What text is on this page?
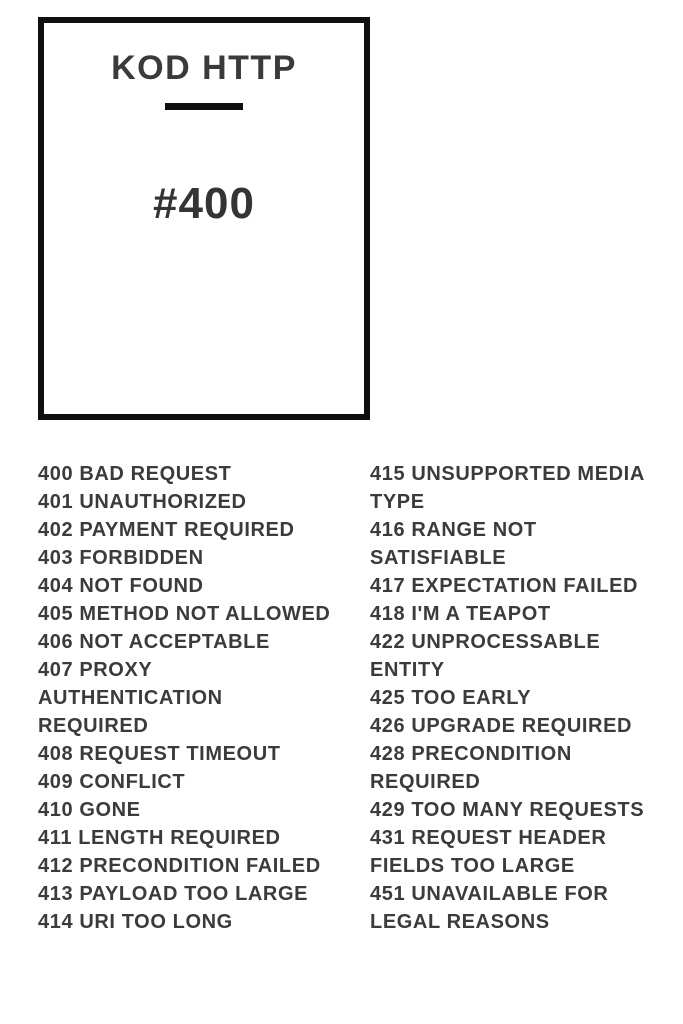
KOD HTTP
#400
400 BAD REQUEST
401 UNAUTHORIZED
402 PAYMENT REQUIRED
403 FORBIDDEN
404 NOT FOUND
405 METHOD NOT ALLOWED
406 NOT ACCEPTABLE
407 PROXY AUTHENTICATION REQUIRED
408 REQUEST TIMEOUT
409 CONFLICT
410 GONE
411 LENGTH REQUIRED
412 PRECONDITION FAILED
413 PAYLOAD TOO LARGE
414 URI TOO LONG
415 UNSUPPORTED MEDIA TYPE
416 RANGE NOT SATISFIABLE
417 EXPECTATION FAILED
418 I'M A TEAPOT
422 UNPROCESSABLE ENTITY
425 TOO EARLY
426 UPGRADE REQUIRED
428 PRECONDITION REQUIRED
429 TOO MANY REQUESTS
431 REQUEST HEADER FIELDS TOO LARGE
451 UNAVAILABLE FOR LEGAL REASONS
